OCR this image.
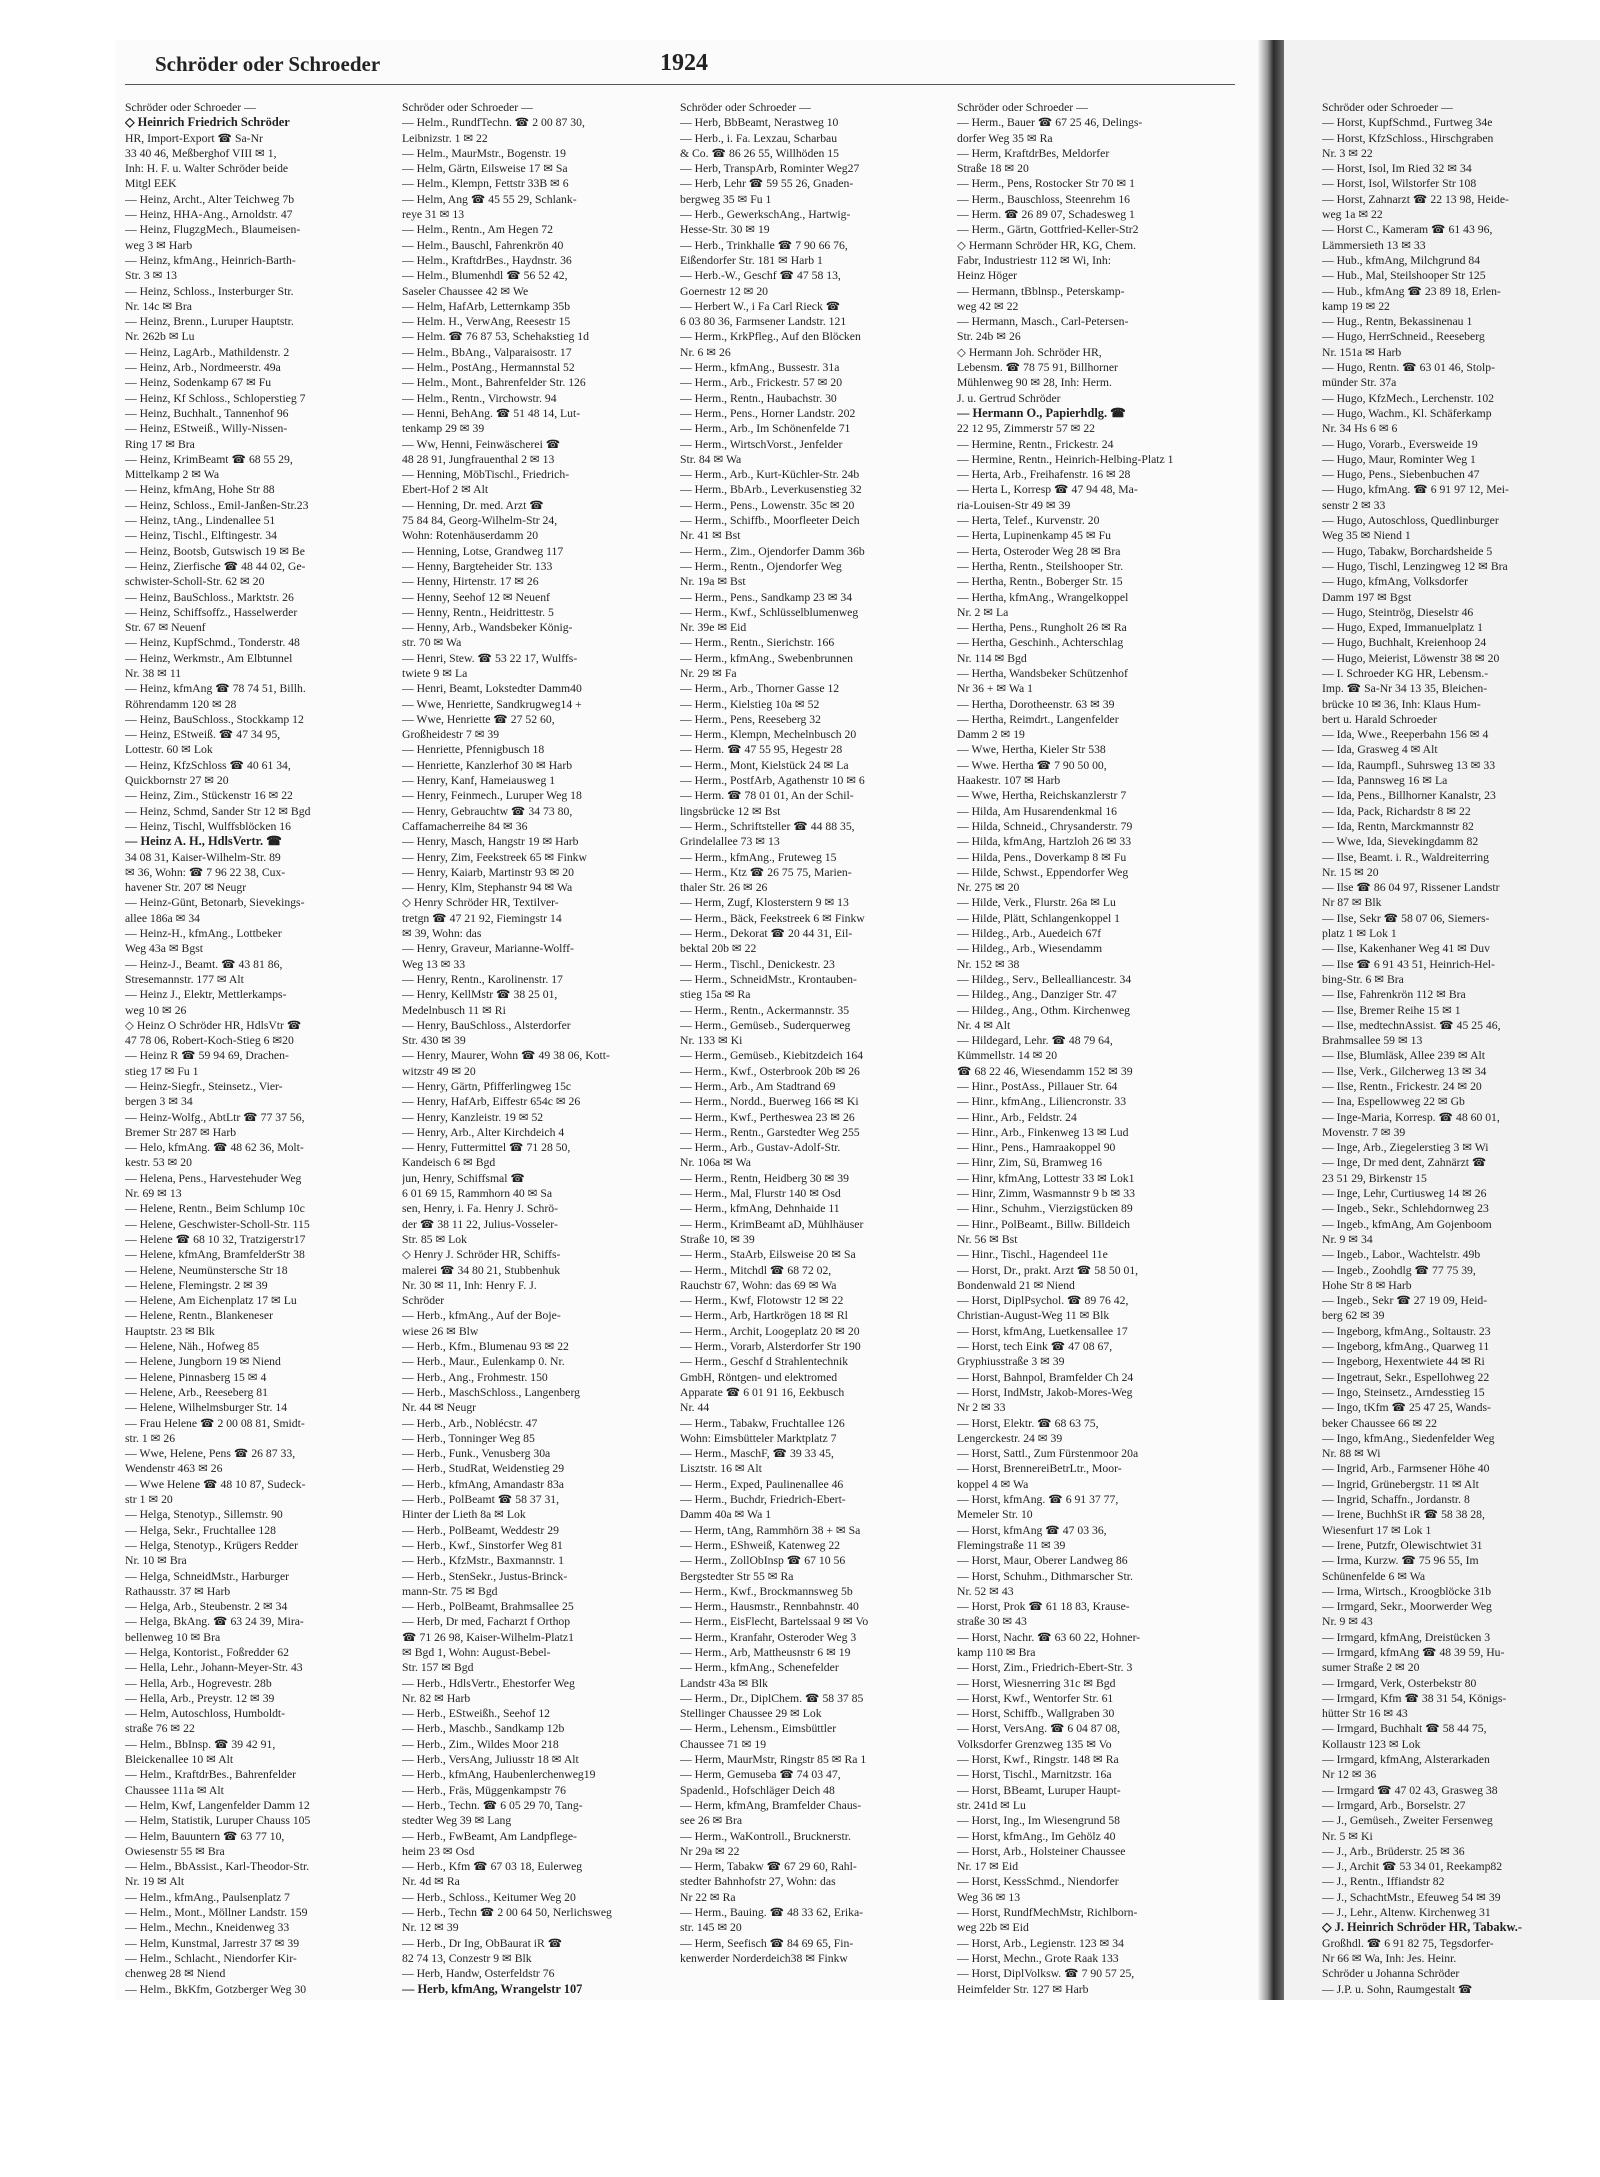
Schröder oder Schroeder	1924
Schröder oder Schroeder —
◇ Heinrich Friedrich Schröder
HR, Import-Export ☎ Sa-Nr
33 40 46, Meßberghof VIII ✉ 1,
Inh: H. F. u. Walter Schröder beide
Mitgl EEK
— Heinz, Archt., Alter Teichweg 7b
— Heinz, HHA-Ang., Arnoldstr. 47
— Heinz, FlugzgMech., Blaumeisen-
weg 3 ✉ Harb
— Heinz, kfmAng., Heinrich-Barth-
Str. 3 ✉ 13
— Heinz, Schloss., Insterburger Str.
Nr. 14c ✉ Bra
— Heinz, Brenn., Luruper Hauptstr.
Nr. 262b ✉ Lu
— Heinz, LagArb., Mathildenstr. 2
— Heinz, Arb., Nordmeerstr. 49a
— Heinz, Sodenkamp 67 ✉ Fu
— Heinz, Kf Schloss., Schloperstieg 7
— Heinz, Buchhalt., Tannenhof 96
— Heinz, EStweiß., Willy-Nissen-
Ring 17 ✉ Bra
— Heinz, KrimBeamt ☎ 68 55 29,
Mittelkamp 2 ✉ Wa
— Heinz, kfmAng, Hohe Str 88
— Heinz, Schloss., Emil-Janßen-Str.23
— Heinz, tAng., Lindenallee 51
— Heinz, Tischl., Elftingestr. 34
— Heinz, Bootsb, Gutswisch 19 ✉ Be
— Heinz, Zierfische ☎ 48 44 02, Ge-
schwister-Scholl-Str. 62 ✉ 20
— Heinz, BauSchloss., Marktstr. 26
— Heinz, Schiffsoffz., Hasselwerder
Str. 67 ✉ Neuenf
— Heinz, KupfSchmd., Tonderstr. 48
— Heinz, Werkmstr., Am Elbtunnel
Nr. 38 ✉ 11
— Heinz, kfmAng ☎ 78 74 51, Billh.
Röhrendamm 120 ✉ 28
— Heinz, BauSchloss., Stockkamp 12
— Heinz, EStweiß. ☎ 47 34 95,
Lottestr. 60 ✉ Lok
— Heinz, KfzSchloss ☎ 40 61 34,
Quickbornstr 27 ✉ 20
— Heinz, Zim., Stückenstr 16 ✉ 22
— Heinz, Schmd, Sander Str 12 ✉ Bgd
— Heinz, Tischl, Wulffsblöcken 16
— Heinz A. H., HdlsVertr. ☎
34 08 31, Kaiser-Wilhelm-Str. 89
✉ 36, Wohn: ☎ 7 96 22 38, Cux-
havener Str. 207 ✉ Neugr
— Heinz-Günt, Betonarb, Sievekings-
allee 186a ✉ 34
— Heinz-H., kfmAng., Lottbeker
Weg 43a ✉ Bgst
— Heinz-J., Beamt. ☎ 43 81 86,
Stresemannstr. 177 ✉ Alt
— Heinz J., Elektr, Mettlerkamps-
weg 10 ✉ 26
◇ Heinz O Schröder HR, HdlsVtr ☎
47 78 06, Robert-Koch-Stieg 6 ✉20
— Heinz R ☎ 59 94 69, Drachen-
stieg 17 ✉ Fu 1
— Heinz-Siegfr., Steinsetz., Vier-
bergen 3 ✉ 34
— Heinz-Wolfg., AbtLtr ☎ 77 37 56,
Bremer Str 287 ✉ Harb
— Helo, kfmAng. ☎ 48 62 36, Molt-
kestr. 53 ✉ 20
— Helena, Pens., Harvestehuder Weg
Nr. 69 ✉ 13
— Helene, Rentn., Beim Schlump 10c
— Helene, Geschwister-Scholl-Str. 115
— Helene ☎ 68 10 32, Tratzigerstr17
— Helene, kfmAng, BramfelderStr 38
— Helene, Neumünstersche Str 18
— Helene, Flemingstr. 2 ✉ 39
— Helene, Am Eichenplatz 17 ✉ Lu
— Helene, Rentn., Blankeneser
Hauptstr. 23 ✉ Blk
— Helene, Näh., Hofweg 85
— Helene, Jungborn 19 ✉ Niend
— Helene, Pinnasberg 15 ✉ 4
— Helene, Arb., Reeseberg 81
— Helene, Wilhelmsburger Str. 14
— Frau Helene ☎ 2 00 08 81, Smidt-
str. 1 ✉ 26
— Wwe, Helene, Pens ☎ 26 87 33,
Wendenstr 463 ✉ 26
— Wwe Helene ☎ 48 10 87, Sudeck-
str 1 ✉ 20
— Helga, Stenotyp., Sillemstr. 90
— Helga, Sekr., Fruchtallee 128
— Helga, Stenotyp., Krügers Redder
Nr. 10 ✉ Bra
— Helga, SchneidMstr., Harburger
Rathausstr. 37 ✉ Harb
— Helga, Arb., Steubenstr. 2 ✉ 34
— Helga, BkAng. ☎ 63 24 39, Mira-
bellenweg 10 ✉ Bra
— Helga, Kontorist., Foßredder 62
— Hella, Lehr., Johann-Meyer-Str. 43
— Hella, Arb., Hogrevestr. 28b
— Hella, Arb., Preystr. 12 ✉ 39
— Helm, Autoschloss, Humboldt-
straße 76 ✉ 22
— Helm., BbInsp. ☎ 39 42 91,
Bleickenallee 10 ✉ Alt
— Helm., KraftdrBes., Bahrenfelder
Chaussee 111a ✉ Alt
— Helm, Kwf, Langenfelder Damm 12
— Helm, Statistik, Luruper Chauss 105
— Helm, Bauuntern ☎ 63 77 10,
Owiesenstr 55 ✉ Bra
— Helm., BbAssist., Karl-Theodor-Str.
Nr. 19 ✉ Alt
— Helm., kfmAng., Paulsenplatz 7
— Helm., Mont., Möllner Landstr. 159
— Helm., Mechn., Kneidenweg 33
— Helm, Kunstmal, Jarrestr 37 ✉ 39
— Helm., Schlacht., Niendorfer Kir-
chenweg 28 ✉ Niend
— Helm., BkKfm, Gotzberger Weg 30
Schröder oder Schroeder —
— Helm., RundfTechn. ☎ 2 00 87 30,
Leibnizstr. 1 ✉ 22
— Helm., MaurMstr., Bogenstr. 19
— Helm, Gärtn, Eilsweise 17 ✉ Sa
— Helm., Klempn, Fettstr 33B ✉ 6
— Helm, Ang ☎ 45 55 29, Schlank-
reye 31 ✉ 13
— Helm., Rentn., Am Hegen 72
— Helm., Bauschl, Fahrenkrön 40
— Helm., KraftdrBes., Haydnstr. 36
— Helm., Blumenhdl ☎ 56 52 42,
Saseler Chaussee 42 ✉ We
— Helm, HafArb, Letternkamp 35b
— Helm. H., VerwAng, Reesestr 15
— Helm. ☎ 76 87 53, Schehakstieg 1d
— Helm., BbAng., Valparaisostr. 17
— Helm., PostAng., Hermannstal 52
— Helm., Mont., Bahrenfelder Str. 126
— Helm., Rentn., Virchowstr. 94
— Henni, BehAng. ☎ 51 48 14, Lut-
tenkamp 29 ✉ 39
— Ww, Henni, Feinwäscherei ☎
48 28 91, Jungfrauenthal 2 ✉ 13
— Henning, MöbTischl., Friedrich-
Ebert-Hof 2 ✉ Alt
— Henning, Dr. med. Arzt ☎
75 84 84, Georg-Wilhelm-Str 24,
Wohn: Rotenhäuserdamm 20
— Henning, Lotse, Grandweg 117
— Henny, Bargteheider Str. 133
— Henny, Hirtenstr. 17 ✉ 26
— Henny, Seehof 12 ✉ Neuenf
— Henny, Rentn., Heidrittestr. 5
— Henny, Arb., Wandsbeker König-
str. 70 ✉ Wa
— Henri, Stew. ☎ 53 22 17, Wulffs-
twiete 9 ✉ La
— Henri, Beamt, Lokstedter Damm40
— Wwe, Henriette, Sandkrugweg14 +
— Wwe, Henriette ☎ 27 52 60,
Großheidestr 7 ✉ 39
— Henriette, Pfennigbusch 18
— Henriette, Kanzlerhof 30 ✉ Harb
— Henry, Kanf, Hameiausweg 1
— Henry, Feinmech., Luruper Weg 18
— Henry, Gebrauchtw ☎ 34 73 80,
Caffamacherreihe 84 ✉ 36
— Henry, Masch, Hangstr 19 ✉ Harb
— Henry, Zim, Feekstreek 65 ✉ Finkw
— Henry, Kaiarb, Martinstr 93 ✉ 20
— Henry, Klm, Stephanstr 94 ✉ Wa
◇ Henry Schröder HR, Textilver-
tretgn ☎ 47 21 92, Fiemingstr 14
✉ 39, Wohn: das
— Henry, Graveur, Marianne-Wolff-
Weg 13 ✉ 33
— Henry, Rentn., Karolinenstr. 17
— Henry, KellMstr ☎ 38 25 01,
Medelnbusch 11 ✉ Ri
— Henry, BauSchloss., Alsterdorfer
Str. 430 ✉ 39
— Henry, Maurer, Wohn ☎ 49 38 06, Kott-
witzstr 49 ✉ 20
— Henry, Gärtn, Pfifferlingweg 15c
— Henry, HafArb, Eiffestr 654c ✉ 26
— Henry, Kanzleistr. 19 ✉ 52
— Henry, Arb., Alter Kirchdeich 4
— Henry, Futtermittel ☎ 71 28 50,
Kandeisch 6 ✉ Bgd
jun, Henry, Schiffsmal ☎
6 01 69 15, Rammhorn 40 ✉ Sa
sen, Henry, i. Fa. Henry J. Schrö-
der ☎ 38 11 22, Julius-Vosseler-
Str. 85 ✉ Lok
◇ Henry J. Schröder HR, Schiffs-
malerei ☎ 34 80 21, Stubbenhuk
Nr. 30 ✉ 11, Inh: Henry F. J.
Schröder
— Herb., kfmAng., Auf der Boje-
wiese 26 ✉ Blw
— Herb., Kfm., Blumenau 93 ✉ 22
— Herb., Maur., Eulenkamp 0. Nr.
— Herb., Ang., Frohmestr. 150
— Herb., MaschSchloss., Langenberg
Nr. 44 ✉ Neugr
— Herb., Arb., Noblécstr. 47
— Herb., Tonninger Weg 85
— Herb., Funk., Venusberg 30a
— Herb., StudRat, Weidenstieg 29
— Herb., kfmAng, Amandastr 83a
— Herb., PolBeamt ☎ 58 37 31,
Hinter der Lieth 8a ✉ Lok
— Herb., PolBeamt, Weddestr 29
— Herb., Kwf., Sinstorfer Weg 81
— Herb., KfzMstr., Baxmannstr. 1
— Herb., StenSekr., Justus-Brinck-
mann-Str. 75 ✉ Bgd
— Herb., PolBeamt, Brahmsallee 25
— Herb, Dr med, Facharzt f Orthop
☎ 71 26 98, Kaiser-Wilhelm-Platz1
✉ Bgd 1, Wohn: August-Bebel-
Str. 157 ✉ Bgd
— Herb., HdlsVertr., Ehestorfer Weg
Nr. 82 ✉ Harb
— Herb., EStweißh., Seehof 12
— Herb., Maschb., Sandkamp 12b
— Herb., Zim., Wildes Moor 218
— Herb., VersAng, Juliusstr 18 ✉ Alt
— Herb., kfmAng, Haubenlerchenweg19
— Herb., Fräs, Müggenkampstr 76
— Herb., Techn. ☎ 6 05 29 70, Tang-
stedter Weg 39 ✉ Lang
— Herb., FwBeamt, Am Landpflege-
heim 23 ✉ Osd
— Herb., Kfm ☎ 67 03 18, Eulerweg
Nr. 4d ✉ Ra
— Herb., Schloss., Keitumer Weg 20
— Herb., Techn ☎ 2 00 64 50, Nerlichsweg
Nr. 12 ✉ 39
— Herb., Dr Ing, ObBaurat iR ☎
82 74 13, Conzestr 9 ✉ Blk
— Herb, Handw, Osterfeldstr 76
— Herb, kfmAng, Wrangelstr 107
Schröder oder Schroeder —
— Herb, BbBeamt, Nerastweg 10
— Herb., i. Fa. Lexzau, Scharbau
& Co. ☎ 86 26 55, Willhöden 15
— Herb, TranspArb, Rominter Weg27
— Herb, Lehr ☎ 59 55 26, Gnaden-
bergweg 35 ✉ Fu 1
— Herb., GewerkschAng., Hartwig-
Hesse-Str. 30 ✉ 19
— Herb., Trinkhalle ☎ 7 90 66 76,
Eißendorfer Str. 181 ✉ Harb 1
— Herb.-W., Geschf ☎ 47 58 13,
Goernestr 12 ✉ 20
— Herbert W., i Fa Carl Rieck ☎
6 03 80 36, Farmsener Landstr. 121
— Herm., KrkPfleg., Auf den Blöcken
Nr. 6 ✉ 26
— Herm., kfmAng., Bussestr. 31a
— Herm., Arb., Frickestr. 57 ✉ 20
— Herm., Rentn., Haubachstr. 30
— Herm., Pens., Horner Landstr. 202
— Herm., Arb., Im Schönenfelde 71
— Herm., WirtschVorst., Jenfelder
Str. 84 ✉ Wa
— Herm., Arb., Kurt-Küchler-Str. 24b
— Herm., BbArb., Leverkusenstieg 32
— Herm., Pens., Lowenstr. 35c ✉ 20
— Herm., Schiffb., Moorfleeter Deich
Nr. 41 ✉ Bst
— Herm., Zim., Ojendorfer Damm 36b
— Herm., Rentn., Ojendorfer Weg
Nr. 19a ✉ Bst
— Herm., Pens., Sandkamp 23 ✉ 34
— Herm., Kwf., Schlüsselblumenweg
Nr. 39e ✉ Eid
— Herm., Rentn., Sierichstr. 166
— Herm., kfmAng., Swebenbrunnen
Nr. 29 ✉ Fa
— Herm., Arb., Thorner Gasse 12
— Herm., Kielstieg 10a ✉ 52
— Herm., Pens, Reeseberg 32
— Herm., Klempn, Mechelnbusch 20
— Herm. ☎ 47 55 95, Hegestr 28
— Herm., Mont, Kielstück 24 ✉ La
— Herm., PostfArb, Agathenstr 10 ✉ 6
— Herm. ☎ 78 01 01, An der Schil-
lingsbrücke 12 ✉ Bst
— Herm., Schriftsteller ☎ 44 88 35,
Grindelallee 73 ✉ 13
— Herm., kfmAng., Fruteweg 15
— Herm., Ktz ☎ 26 75 75, Marien-
thaler Str. 26 ✉ 26
— Herm, Zugf, Klosterstern 9 ✉ 13
— Herm., Bäck, Feekstreek 6 ✉ Finkw
— Herm., Dekorat ☎ 20 44 31, Eil-
bektal 20b ✉ 22
— Herm., Tischl., Denickestr. 23
— Herm., SchneidMstr., Krontauben-
stieg 15a ✉ Ra
— Herm., Rentn., Ackermannstr. 35
— Herm., Gemüseb., Suderquerweg
Nr. 133 ✉ Ki
— Herm., Gemüseb., Kiebitzdeich 164
— Herm., Kwf., Osterbrook 20b ✉ 26
— Herm., Arb., Am Stadtrand 69
— Herm., Nordd., Buerweg 166 ✉ Ki
— Herm., Kwf., Pertheswea 23 ✉ 26
— Herm., Rentn., Garstedter Weg 255
— Herm., Arb., Gustav-Adolf-Str.
Nr. 106a ✉ Wa
— Herm., Rentn, Heidberg 30 ✉ 39
— Herm., Mal, Flurstr 140 ✉ Osd
— Herm., kfmAng, Dehnhaide 11
— Herm., KrimBeamt aD, Mühlhäuser
Straße 10, ✉ 39
— Herm., StaArb, Eilsweise 20 ✉ Sa
— Herm., Mitchdl ☎ 68 72 02,
Rauchstr 67, Wohn: das 69 ✉ Wa
— Herm., Kwf, Flotowstr 12 ✉ 22
— Herm., Arb, Hartkrögen 18 ✉ Rl
— Herm., Archit, Loogeplatz 20 ✉ 20
— Herm., Vorarb, Alsterdorfer Str 190
— Herm., Geschf d Strahlentechnik
GmbH, Röntgen- und elektromed
Apparate ☎ 6 01 91 16, Eekbusch
Nr. 44
— Herm., Tabakw, Fruchtallee 126
Wohn: Eimsbütteler Marktplatz 7
— Herm., MaschF, ☎ 39 33 45,
Lisztstr. 16 ✉ Alt
— Herm., Exped, Paulinenallee 46
— Herm., Buchdr, Friedrich-Ebert-
Damm 40a ✉ Wa 1
— Herm, tAng, Rammhörn 38 + ✉ Sa
— Herm., EShweiß, Katenweg 22
— Herm., ZollObInsp ☎ 67 10 56
Bergstedter Str 55 ✉ Ra
— Herm., Kwf., Brockmannsweg 5b
— Herm., Hausmstr., Rennbahnstr. 40
— Herm., EisFlecht, Bartelssaal 9 ✉ Vo
— Herm., Kranfahr, Osteroder Weg 3
— Herm., Arb, Mattheusnstr 6 ✉ 19
— Herm., kfmAng., Schenefelder
Landstr 43a ✉ Blk
— Herm., Dr., DiplChem. ☎ 58 37 85
Stellinger Chaussee 29 ✉ Lok
— Herm., Lehensm., Eimsbüttler
Chaussee 71 ✉ 19
— Herm, MaurMstr, Ringstr 85 ✉ Ra 1
— Herm, Gemuseba ☎ 74 03 47,
Spadenld., Hofschläger Deich 48
— Herm, kfmAng, Bramfelder Chaus-
see 26 ✉ Bra
— Herm., WaKontroll., Brucknerstr.
Nr 29a ✉ 22
— Herm, Tabakw ☎ 67 29 60, Rahl-
stedter Bahnhofstr 27, Wohn: das
Nr 22 ✉ Ra
— Herm., Bauing. ☎ 48 33 62, Erika-
str. 145 ✉ 20
— Herm, Seefisch ☎ 84 69 65, Fin-
kenwerder Norderdeich38 ✉ Finkw
Schröder oder Schroeder —
— Herm., Bauer ☎ 67 25 46, Delings-
dorfer Weg 35 ✉ Ra
— Herm, KraftdrBes, Meldorfer
Straße 18 ✉ 20
— Herm., Pens, Rostocker Str 70 ✉ 1
— Herm., Bauschloss, Steenrehm 16
— Herm. ☎ 26 89 07, Schadesweg 1
— Herm., Gärtn, Gottfried-Keller-Str2
◇ Hermann Schröder HR, KG, Chem.
Fabr, Industriestr 112 ✉ Wi, Inh:
Heinz Höger
— Hermann, tBblnsp., Peterskamp-
weg 42 ✉ 22
— Hermann, Masch., Carl-Petersen-
Str. 24b ✉ 26
◇ Hermann Joh. Schröder HR,
Lebensm. ☎ 78 75 91, Billhorner
Mühlenweg 90 ✉ 28, Inh: Herm.
J. u. Gertrud Schröder
— Hermann O., Papierhdlg. ☎
22 12 95, Zimmerstr 57 ✉ 22
— Hermine, Rentn., Frickestr. 24
— Hermine, Rentn., Heinrich-Helbing-Platz 1
— Herta, Arb., Freihafenstr. 16 ✉ 28
— Herta L, Korresp ☎ 47 94 48, Ma-
ria-Louisen-Str 49 ✉ 39
— Herta, Telef., Kurvenstr. 20
— Herta, Lupinenkamp 45 ✉ Fu
— Herta, Osteroder Weg 28 ✉ Bra
— Hertha, Rentn., Steilshooper Str.
— Hertha, Rentn., Boberger Str. 15
— Hertha, kfmAng., Wrangelkoppel
Nr. 2 ✉ La
— Hertha, Pens., Rungholt 26 ✉ Ra
— Hertha, Geschinh., Achterschlag
Nr. 114 ✉ Bgd
— Hertha, Wandsbeker Schützenhof
Nr 36 + ✉ Wa 1
— Hertha, Dorotheenstr. 63 ✉ 39
— Hertha, Reimdrt., Langenfelder
Damm 2 ✉ 19
— Wwe, Hertha, Kieler Str 538
— Wwe. Hertha ☎ 7 90 50 00,
Haakestr. 107 ✉ Harb
— Wwe, Hertha, Reichskanzlerstr 7
— Hilda, Am Husarendenkmal 16
— Hilda, Schneid., Chrysanderstr. 79
— Hilda, kfmAng, Hartzloh 26 ✉ 33
— Hilda, Pens., Doverkamp 8 ✉ Fu
— Hilde, Schwst., Eppendorfer Weg
Nr. 275 ✉ 20
— Hilde, Verk., Flurstr. 26a ✉ Lu
— Hilde, Plätt, Schlangenkoppel 1
— Hildeg., Arb., Auedeich 67f
— Hildeg., Arb., Wiesendamm
Nr. 152 ✉ 38
— Hildeg., Serv., Bellealliancestr. 34
— Hildeg., Ang., Danziger Str. 47
— Hildeg., Ang., Othm. Kirchenweg
Nr. 4 ✉ Alt
— Hildegard, Lehr. ☎ 48 79 64,
Kümmellstr. 14 ✉ 20
☎ 68 22 46, Wiesendamm 152 ✉ 39
— Hinr., PostAss., Pillauer Str. 64
— Hinr., kfmAng., Liliencronstr. 33
— Hinr., Arb., Feldstr. 24
— Hinr., Arb., Finkenweg 13 ✉ Lud
— Hinr., Pens., Hamraakoppel 90
— Hinr, Zim, Sü, Bramweg 16
— Hinr, kfmAng, Lottestr 33 ✉ Lok1
— Hinr, Zimm, Wasmannstr 9 b ✉ 33
— Hinr., Schuhm., Vierzigstücken 89
— Hinr., PolBeamt., Billw. Billdeich
Nr. 56 ✉ Bst
— Hinr., Tischl., Hagendeel 11e
— Horst, Dr., prakt. Arzt ☎ 58 50 01,
Bondenwald 21 ✉ Niend
— Horst, DiplPsychol. ☎ 89 76 42,
Christian-August-Weg 11 ✉ Blk
— Horst, kfmAng, Luetkensallee 17
— Horst, tech Eink ☎ 47 08 67,
Gryphiusstraße 3 ✉ 39
— Horst, Bahnpol, Bramfelder Ch 24
— Horst, IndMstr, Jakob-Mores-Weg
Nr 2 ✉ 33
— Horst, Elektr. ☎ 68 63 75,
Lengerckestr. 24 ✉ 39
— Horst, Sattl., Zum Fürstenmoor 20a
— Horst, BrennereiBetrLtr., Moor-
koppel 4 ✉ Wa
— Horst, kfmAng. ☎ 6 91 37 77,
Memeler Str. 10
— Horst, kfmAng ☎ 47 03 36,
Flemingstraße 11 ✉ 39
— Horst, Maur, Oberer Landweg 86
— Horst, Schuhm., Dithmarscher Str.
Nr. 52 ✉ 43
— Horst, Prok ☎ 61 18 83, Krause-
straße 30 ✉ 43
— Horst, Nachr. ☎ 63 60 22, Hohner-
kamp 110 ✉ Bra
— Horst, Zim., Friedrich-Ebert-Str. 3
— Horst, Wiesnerring 31c ✉ Bgd
— Horst, Kwf., Wentorfer Str. 61
— Horst, Schiffb., Wallgraben 30
— Horst, VersAng. ☎ 6 04 87 08,
Volksdorfer Grenzweg 135 ✉ Vo
— Horst, Kwf., Ringstr. 148 ✉ Ra
— Horst, Tischl., Marnitzstr. 16a
— Horst, BBeamt, Luruper Haupt-
str. 241d ✉ Lu
— Horst, Ing., Im Wiesengrund 58
— Horst, kfmAng., Im Gehölz 40
— Horst, Arb., Holsteiner Chaussee
Nr. 17 ✉ Eid
— Horst, KessSchmd., Niendorfer
Weg 36 ✉ 13
— Horst, RundfMechMstr, Richlborn-
weg 22b ✉ Eid
— Horst, Arb., Legienstr. 123 ✉ 34
— Horst, Mechn., Grote Raak 133
— Horst, DiplVolksw. ☎ 7 90 57 25,
Heimfelder Str. 127 ✉ Harb
Schröder oder Schroeder —
— Horst, KupfSchmd., Furtweg 34e
— Horst, KfzSchloss., Hirschgraben
Nr. 3 ✉ 22
— Horst, Isol, Im Ried 32 ✉ 34
— Horst, Isol, Wilstorfer Str 108
— Horst, Zahnarzt ☎ 22 13 98, Heide-
weg 1a ✉ 22
— Horst C., Kameram ☎ 61 43 96,
Lämmersieth 13 ✉ 33
— Hub., kfmAng, Milchgrund 84
— Hub., Mal, Steilshooper Str 125
— Hub., kfmAng ☎ 23 89 18, Erlen-
kamp 19 ✉ 22
— Hug., Rentn, Bekassinenau 1
— Hugo, HerrSchneid., Reeseberg
Nr. 151a ✉ Harb
— Hugo, Rentn. ☎ 63 01 46, Stolp-
münder Str. 37a
— Hugo, KfzMech., Lerchenstr. 102
— Hugo, Wachm., Kl. Schäferkamp
Nr. 34 Hs 6 ✉ 6
— Hugo, Vorarb., Eversweide 19
— Hugo, Maur, Rominter Weg 1
— Hugo, Pens., Siebenbuchen 47
— Hugo, kfmAng. ☎ 6 91 97 12, Mei-
senstr 2 ✉ 33
— Hugo, Autoschloss, Quedlinburger
Weg 35 ✉ Niend 1
— Hugo, Tabakw, Borchardsheide 5
— Hugo, Tischl, Lenzingweg 12 ✉ Bra
— Hugo, kfmAng, Volksdorfer
Damm 197 ✉ Bgst
— Hugo, Steintrög, Dieselstr 46
— Hugo, Exped, Immanuelplatz 1
— Hugo, Buchhalt, Kreienhoop 24
— Hugo, Meierist, Löwenstr 38 ✉ 20
— I. Schroeder KG HR, Lebensm.-
Imp. ☎ Sa-Nr 34 13 35, Bleichen-
brücke 10 ✉ 36, Inh: Klaus Hum-
bert u. Harald Schroeder
— Ida, Wwe., Reeperbahn 156 ✉ 4
— Ida, Grasweg 4 ✉ Alt
— Ida, Raumpfl., Suhrsweg 13 ✉ 33
— Ida, Pannsweg 16 ✉ La
— Ida, Pens., Billhorner Kanalstr, 23
— Ida, Pack, Richardstr 8 ✉ 22
— Ida, Rentn, Marckmannstr 82
— Wwe, Ida, Sievekingdamm 82
— Ilse, Beamt. i. R., Waldreiterring
Nr. 15 ✉ 20
— Ilse ☎ 86 04 97, Rissener Landstr
Nr 87 ✉ Blk
— Ilse, Sekr ☎ 58 07 06, Siemers-
platz 1 ✉ Lok 1
— Ilse, Kakenhaner Weg 41 ✉ Duv
— Ilse ☎ 6 91 43 51, Heinrich-Hel-
bing-Str. 6 ✉ Bra
— Ilse, Fahrenkrön 112 ✉ Bra
— Ilse, Bremer Reihe 15 ✉ 1
— Ilse, medtechnAssist. ☎ 45 25 46,
Brahmsallee 59 ✉ 13
— Ilse, Blumläsk, Allee 239 ✉ Alt
— Ilse, Verk., Gilcherweg 13 ✉ 34
— Ilse, Rentn., Frickestr. 24 ✉ 20
— Ina, Espellowweg 22 ✉ Gb
— Inge-Maria, Korresp. ☎ 48 60 01,
Movenstr. 7 ✉ 39
— Inge, Arb., Ziegelerstieg 3 ✉ Wi
— Inge, Dr med dent, Zahnärzt ☎
23 51 29, Birkenstr 15
— Inge, Lehr, Curtiusweg 14 ✉ 26
— Ingeb., Sekr., Schlehdornweg 23
— Ingeb., kfmAng, Am Gojenboom
Nr. 9 ✉ 34
— Ingeb., Labor., Wachtelstr. 49b
— Ingeb., Zoohdlg ☎ 77 75 39,
Hohe Str 8 ✉ Harb
— Ingeb., Sekr ☎ 27 19 09, Heid-
berg 62 ✉ 39
— Ingeborg, kfmAng., Soltaustr. 23
— Ingeborg, kfmAng., Quarweg 11
— Ingeborg, Hexentwiete 44 ✉ Ri
— Ingetraut, Sekr., Espellohweg 22
— Ingo, Steinsetz., Arndesstieg 15
— Ingo, tKfm ☎ 25 47 25, Wands-
beker Chaussee 66 ✉ 22
— Ingo, kfmAng., Siedenfelder Weg
Nr. 88 ✉ Wi
— Ingrid, Arb., Farmsener Höhe 40
— Ingrid, Grünebergstr. 11 ✉ Alt
— Ingrid, Schaffn., Jordanstr. 8
— Irene, BuchhSt iR ☎ 58 38 28,
Wiesenfurt 17 ✉ Lok 1
— Irene, Putzfr, Olewischtwiet 31
— Irma, Kurzw. ☎ 75 96 55, Im
Schünenfelde 6 ✉ Wa
— Irma, Wirtsch., Kroogblöcke 31b
— Irmgard, Sekr., Moorwerder Weg
Nr. 9 ✉ 43
— Irmgard, kfmAng, Dreistücken 3
— Irmgard, kfmAng ☎ 48 39 59, Hu-
sumer Straße 2 ✉ 20
— Irmgard, Verk, Osterbekstr 80
— Irmgard, Kfm ☎ 38 31 54, Königs-
hütter Str 16 ✉ 43
— Irmgard, Buchhalt ☎ 58 44 75,
Kollaustr 123 ✉ Lok
— Irmgard, kfmAng, Alsterarkaden
Nr 12 ✉ 36
— Irmgard ☎ 47 02 43, Grasweg 38
— Irmgard, Arb., Borselstr. 27
— J., Gemüseh., Zweiter Fersenweg
Nr. 5 ✉ Ki
— J., Arb., Brüderstr. 25 ✉ 36
— J., Archit ☎ 53 34 01, Reekamp82
— J., Rentn., Iffiandstr 82
— J., SchachtMstr., Efeuweg 54 ✉ 39
— J., Lehr., Altenw. Kirchenweg 31
◇ J. Heinrich Schröder HR, Tabakw.-
Großhdl. ☎ 6 91 82 75, Tegsdorfer-
Nr 66 ✉ Wa, Inh: Jes. Heinr.
Schröder u Johanna Schröder
— J.P. u. Sohn, Raumgestalt ☎
